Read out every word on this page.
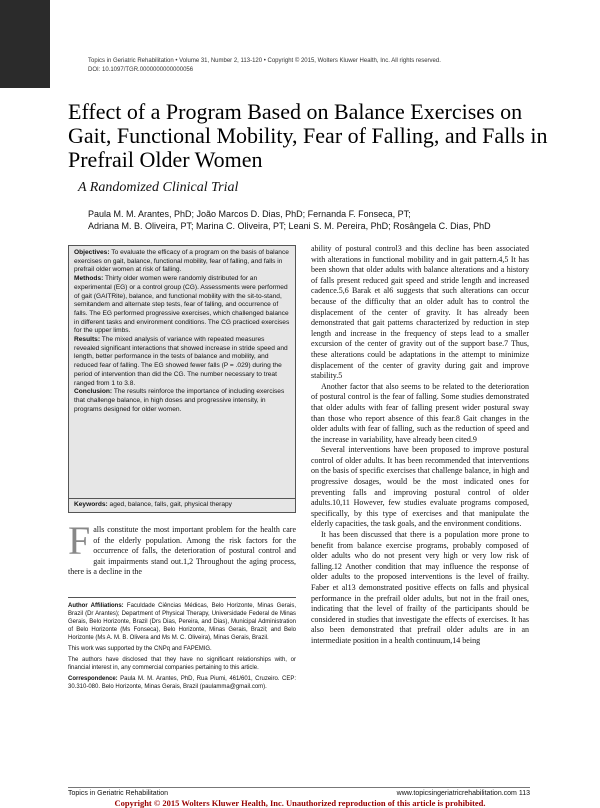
Topics in Geriatric Rehabilitation • Volume 31, Number 2, 113-120 • Copyright © 2015, Wolters Kluwer Health, Inc. All rights reserved.
DOI: 10.1097/TGR.0000000000000056
Effect of a Program Based on Balance Exercises on Gait, Functional Mobility, Fear of Falling, and Falls in Prefrail Older Women
A Randomized Clinical Trial
Paula M. M. Arantes, PhD; João Marcos D. Dias, PhD; Fernanda F. Fonseca, PT;
Adriana M. B. Oliveira, PT; Marina C. Oliveira, PT; Leani S. M. Pereira, PhD; Rosângela C. Dias, PhD

Objectives: To evaluate the efficacy of a program on the basis of balance exercises on gait, balance, functional mobility, fear of falling, and falls in prefrail older women at risk of falling.

Methods: Thirty older women were randomly distributed for an experimental (EG) or a control group (CG). Assessments were performed of gait (GAITRite), balance, and functional mobility with the sit-to-stand, semitandem and alternate step tests, fear of falling, and occurrence of falls. The EG performed progressive exercises, which challenged balance in different tasks and environment conditions. The CG practiced exercises for the upper limbs.

Results: The mixed analysis of variance with repeated measures revealed significant interactions that showed increase in stride speed and length, better performance in the tests of balance and mobility, and reduced fear of falling. The EG showed fewer falls (P = .029) during the period of intervention than did the CG. The number necessary to treat ranged from 1 to 3.8.

Conclusion: The results reinforce the importance of including exercises that challenge balance, in high doses and progressive intensity, in programs designed for older women.

Keywords: aged, balance, falls, gait, physical therapy
Falls constitute the most important problem for the health care of the elderly population. Among the risk factors for the occurrence of falls, the deterioration of postural control and gait impairments stand out.1,2 Throughout the aging process, there is a decline in the

Author Affiliations: Faculdade Ciências Médicas, Belo Horizonte, Minas Gerais, Brazil (Dr Arantes); Department of Physical Therapy, Universidade Federal de Minas Gerais, Belo Horizonte, Brazil (Drs Dias, Pereira, and Dias), Municipal Administration of Belo Horizonte (Ms Fonseca), Belo Horizonte, Minas Gerais, Brazil; and Belo Horizonte (Ms A. M. B. Olivera and Ms M. C. Oliveira), Minas Gerais, Brazil.

This work was supported by the CNPq and FAPEMIG.

The authors have disclosed that they have no significant relationships with, or financial interest in, any commercial companies pertaining to this article.

Correspondence: Paula M. M. Arantes, PhD, Rua Piumi, 461/601, Cruzeiro. CEP: 30.310-080. Belo Horizonte, Minas Gerais, Brazil (paulamma@gmail.com).

ability of postural control3 and this decline has been associated with alterations in functional mobility and in gait pattern.4,5 It has been shown that older adults with balance alterations and a history of falls present reduced gait speed and stride length and increased cadence.5,6 Barak et al6 suggests that such alterations can occur because of the difficulty that an older adult has to control the displacement of the center of gravity. It has already been demonstrated that gait patterns characterized by reduction in step length and increase in the frequency of steps lead to a smaller excursion of the center of gravity out of the support base.7 Thus, these alterations could be adaptations in the attempt to minimize displacement of the center of gravity during gait and improve stability.5

Another factor that also seems to be related to the deterioration of postural control is the fear of falling. Some studies demonstrated that older adults with fear of falling present wider postural sway than those who report absence of this fear.8 Gait changes in the older adults with fear of falling, such as the reduction of speed and the increase in variability, have already been cited.9

Several interventions have been proposed to improve postural control of older adults. It has been recommended that interventions on the basis of specific exercises that challenge balance, in high and progressive dosages, would be the most indicated ones for preventing falls and improving postural control of older adults.10,11 However, few studies evaluate programs composed, specifically, by this type of exercises and that manipulate the elderly capacities, the task goals, and the environment conditions.

It has been discussed that there is a population more prone to benefit from balance exercise programs, probably composed of older adults who do not present very high or very low risk of falling.12 Another condition that may influence the response of older adults to the proposed interventions is the level of frailty. Faber et al13 demonstrated positive effects on falls and physical performance in the prefrail older adults, but not in the frail ones, indicating that the level of frailty of the participants should be considered in studies that investigate the effects of exercises. It has also been demonstrated that prefrail older adults are in an intermediate position in a health continuum,14 being

Topics in Geriatric Rehabilitation	www.topicsingeriatricrehabilitation.com 113
Copyright © 2015 Wolters Kluwer Health, Inc. Unauthorized reproduction of this article is prohibited.
